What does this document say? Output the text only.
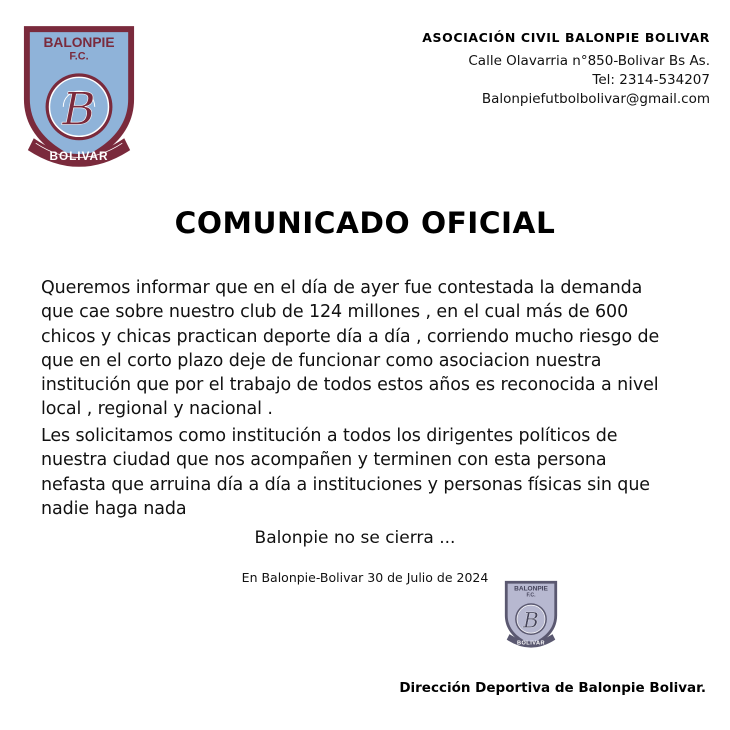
BALONPIE
F.C.
B
BOLIVAR

ASOCIACIÓN CIVIL BALONPIE BOLIVAR

Calle Olavarria n°850-Bolivar Bs As.

Tel: 2314-534207

Balonpiefutbolbolivar@gmail.com

COMUNICADO OFICIAL
Queremos informar que en el día de ayer fue contestada la demanda
que cae sobre nuestro club de 124 millones , en el cual más de 600
chicos y chicas practican deporte día a día , corriendo mucho riesgo de
que en el corto plazo deje de funcionar como asociacion nuestra
institución que por el trabajo de todos estos años es reconocida a nivel
local , regional y nacional .
Les solicitamos como institución a todos los dirigentes políticos de
nuestra ciudad que nos acompañen y terminen con esta persona
nefasta que arruina día a día a instituciones y personas físicas sin que
nadie haga nada

Balonpie no se cierra ...

En Balonpie-Bolivar 30 de Julio de 2024

BALONPIE
F.C.
B
BOLIVAR

Dirección Deportiva de Balonpie Bolivar.
